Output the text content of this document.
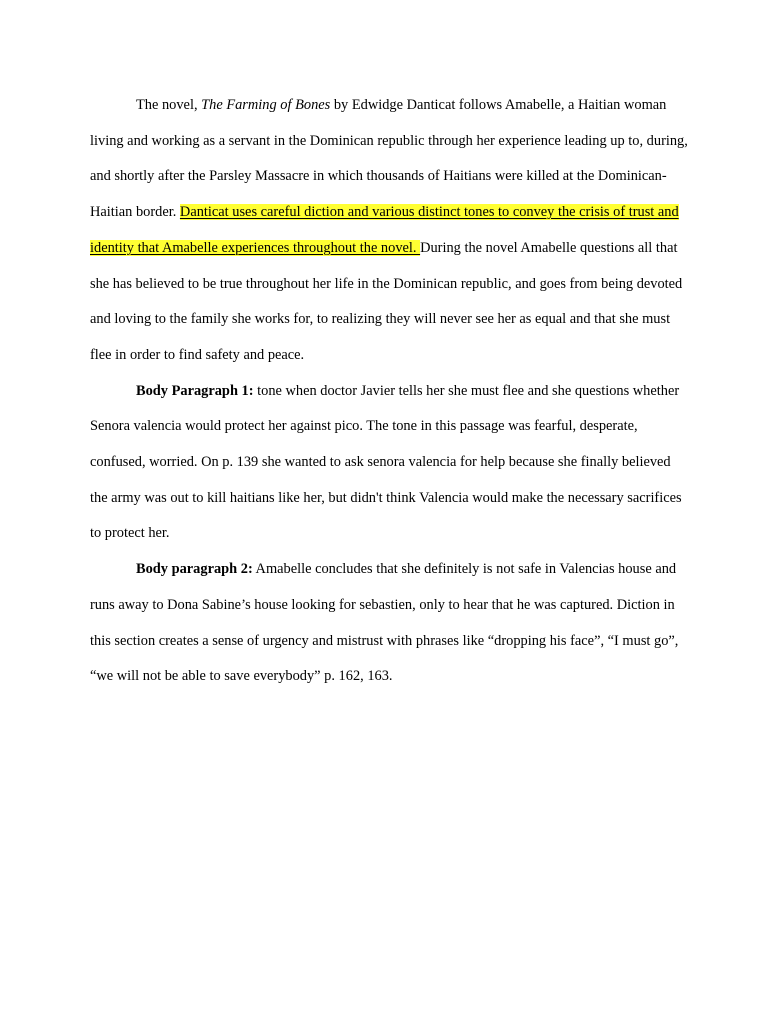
The novel, The Farming of Bones by Edwidge Danticat follows Amabelle, a Haitian woman living and working as a servant in the Dominican republic through her experience leading up to, during, and shortly after the Parsley Massacre in which thousands of Haitians were killed at the Dominican-Haitian border. Danticat uses careful diction and various distinct tones to convey the crisis of trust and identity that Amabelle experiences throughout the novel. During the novel Amabelle questions all that she has believed to be true throughout her life in the Dominican republic, and goes from being devoted and loving to the family she works for, to realizing they will never see her as equal and that she must flee in order to find safety and peace.

Body Paragraph 1: tone when doctor Javier tells her she must flee and she questions whether Senora valencia would protect her against pico. The tone in this passage was fearful, desperate, confused, worried. On p. 139 she wanted to ask senora valencia for help because she finally believed the army was out to kill haitians like her, but didn't think Valencia would make the necessary sacrifices to protect her.

Body paragraph 2: Amabelle concludes that she definitely is not safe in Valencias house and runs away to Dona Sabine’s house looking for sebastien, only to hear that he was captured. Diction in this section creates a sense of urgency and mistrust with phrases like “dropping his face”, “I must go”, “we will not be able to save everybody” p. 162, 163.
